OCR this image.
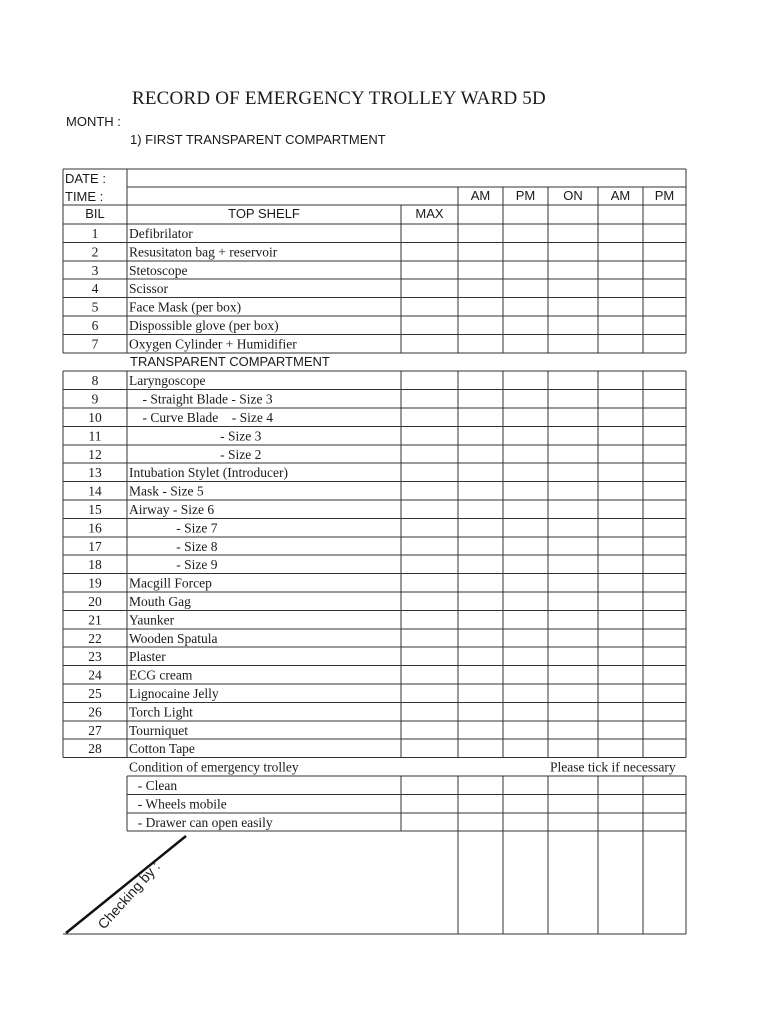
RECORD OF EMERGENCY TROLLEY WARD 5D
MONTH :
1) FIRST TRANSPARENT COMPARTMENT
DATE :
TIME :	AM PM ON AM PM
BIL	TOP SHELF	MAX
1 Defibrilator
2 Resusitaton bag + reservoir
3 Stetoscope
4 Scissor
5 Face Mask (per box)
6 Dispossible glove (per box)
7 Oxygen Cylinder + Humidifier
TRANSPARENT COMPARTMENT
8 Laryngoscope
9 - Straight Blade - Size 3
10 - Curve Blade    - Size 4
11 - Size 3
12 - Size 2
13 Intubation Stylet (Introducer)
14 Mask - Size 5
15 Airway - Size 6
16 - Size 7
17 - Size 8
18 - Size 9
19 Macgill Forcep
20 Mouth Gag
21 Yaunker
22 Wooden Spatula
23 Plaster
24 ECG cream
25 Lignocaine Jelly
26 Torch Light
27 Tourniquet
28 Cotton Tape
Condition of emergency trolley	Please tick if necessary
- Clean
- Wheels mobile
- Drawer can open easily
Checking by :
